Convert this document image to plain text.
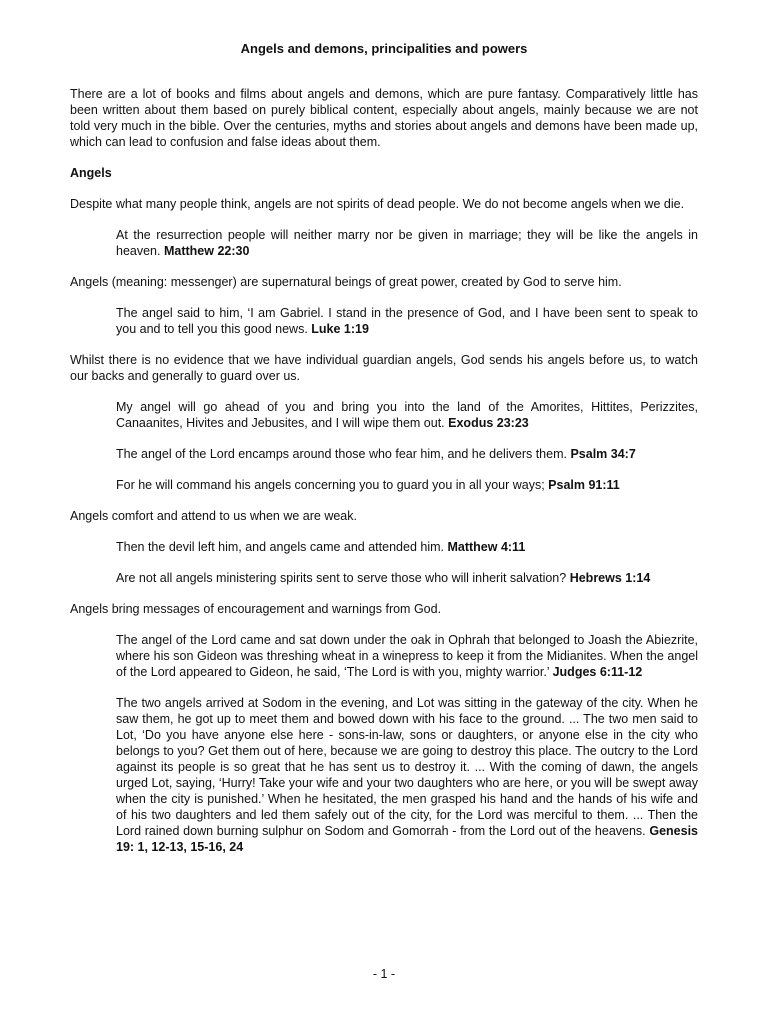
Angels and demons, principalities and powers

There are a lot of books and films about angels and demons, which are pure fantasy. Comparatively little has been written about them based on purely biblical content, especially about angels, mainly because we are not told very much in the bible. Over the centuries, myths and stories about angels and demons have been made up, which can lead to confusion and false ideas about them.

Angels

Despite what many people think, angels are not spirits of dead people. We do not become angels when we die.

At the resurrection people will neither marry nor be given in marriage; they will be like the angels in heaven. Matthew 22:30

Angels (meaning: messenger) are supernatural beings of great power, created by God to serve him.

The angel said to him, ‘I am Gabriel. I stand in the presence of God, and I have been sent to speak to you and to tell you this good news. Luke 1:19

Whilst there is no evidence that we have individual guardian angels, God sends his angels before us, to watch our backs and generally to guard over us.

My angel will go ahead of you and bring you into the land of the Amorites, Hittites, Perizzites, Canaanites, Hivites and Jebusites, and I will wipe them out. Exodus 23:23

The angel of the Lord encamps around those who fear him, and he delivers them. Psalm 34:7

For he will command his angels concerning you to guard you in all your ways; Psalm 91:11

Angels comfort and attend to us when we are weak.

Then the devil left him, and angels came and attended him. Matthew 4:11

Are not all angels ministering spirits sent to serve those who will inherit salvation? Hebrews 1:14

Angels bring messages of encouragement and warnings from God.

The angel of the Lord came and sat down under the oak in Ophrah that belonged to Joash the Abiezrite, where his son Gideon was threshing wheat in a winepress to keep it from the Midianites. When the angel of the Lord appeared to Gideon, he said, ‘The Lord is with you, mighty warrior.’ Judges 6:11-12

The two angels arrived at Sodom in the evening, and Lot was sitting in the gateway of the city. When he saw them, he got up to meet them and bowed down with his face to the ground. ... The two men said to Lot, ‘Do you have anyone else here - sons-in-law, sons or daughters, or anyone else in the city who belongs to you? Get them out of here, because we are going to destroy this place. The outcry to the Lord against its people is so great that he has sent us to destroy it. ... With the coming of dawn, the angels urged Lot, saying, ‘Hurry! Take your wife and your two daughters who are here, or you will be swept away when the city is punished.’ When he hesitated, the men grasped his hand and the hands of his wife and of his two daughters and led them safely out of the city, for the Lord was merciful to them. ... Then the Lord rained down burning sulphur on Sodom and Gomorrah - from the Lord out of the heavens. Genesis 19: 1, 12-13, 15-16, 24

- 1 -
